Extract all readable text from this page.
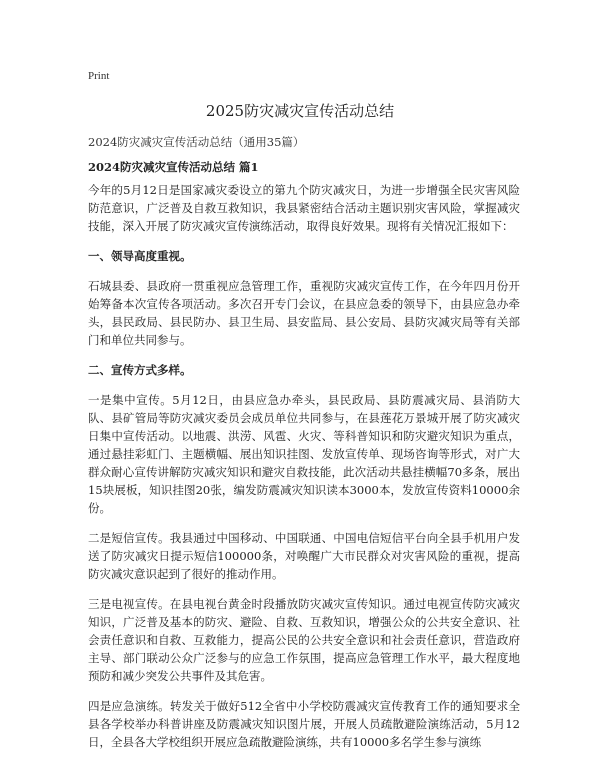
Print
2025防灾减灾宣传活动总结
2024防灾减灾宣传活动总结（通用35篇）
2024防灾减灾宣传活动总结 篇1

今年的5月12日是国家减灾委设立的第九个防灾减灾日，为进一步增强全民灾害风险防范意识，广泛普及自救互救知识，我县紧密结合活动主题识别灾害风险，掌握减灾技能，深入开展了防灾减灾宣传演练活动，取得良好效果。现将有关情况汇报如下：

一、领导高度重视。

石城县委、县政府一贯重视应急管理工作，重视防灾减灾宣传工作，在今年四月份开始筹备本次宣传各项活动。多次召开专门会议，在县应急委的领导下，由县应急办牵头，县民政局、县民防办、县卫生局、县安监局、县公安局、县防灾减灾局等有关部门和单位共同参与。

二、宣传方式多样。

一是集中宣传。5月12日，由县应急办牵头，县民政局、县防震减灾局、县消防大队、县矿管局等防灾减灾委员会成员单位共同参与，在县莲花万景城开展了防灾减灾日集中宣传活动。以地震、洪涝、风雹、火灾、等科普知识和防灾避灾知识为重点，通过悬挂彩虹门、主题横幅、展出知识挂图、发放宣传单、现场咨询等形式，对广大群众耐心宣传讲解防灾减灾知识和避灾自救技能，此次活动共悬挂横幅70多条，展出15块展板，知识挂图20张，编发防震减灾知识读本3000本，发放宣传资料10000余份。

二是短信宣传。我县通过中国移动、中国联通、中国电信短信平台向全县手机用户发送了防灾减灾日提示短信100000条，对唤醒广大市民群众对灾害风险的重视，提高防灾减灾意识起到了很好的推动作用。

三是电视宣传。在县电视台黄金时段播放防灾减灾宣传知识。通过电视宣传防灾减灾知识，广泛普及基本的防灾、避险、自救、互救知识，增强公众的公共安全意识、社会责任意识和自救、互救能力，提高公民的公共安全意识和社会责任意识，营造政府主导、部门联动公众广泛参与的应急工作氛围，提高应急管理工作水平，最大程度地预防和减少突发公共事件及其危害。

四是应急演练。转发关于做好512全省中小学校防震减灾宣传教育工作的通知要求全县各学校举办科普讲座及防震减灾知识图片展，开展人员疏散避险演练活动，5月12日，全县各大学校组织开展应急疏散避险演练，共有10000多名学生参与演练
